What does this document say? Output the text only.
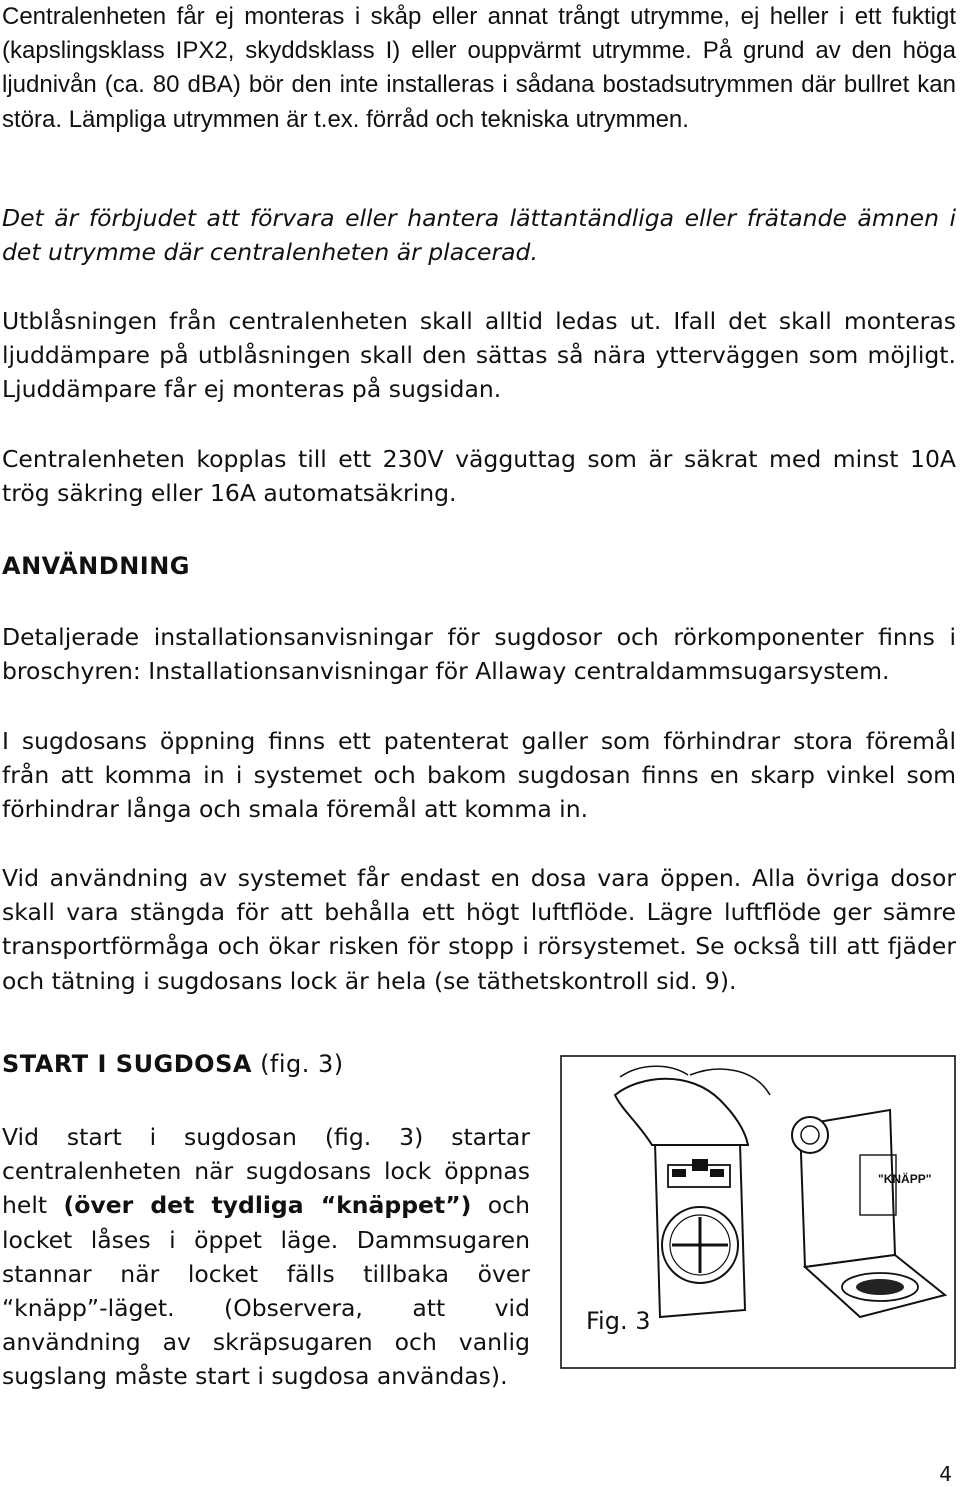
Centralenheten får ej monteras i skåp eller annat trångt utrymme, ej heller i ett fuktigt (kapslingsklass IPX2, skyddsklass I) eller ouppvärmt utrymme. På grund av den höga ljudnivån (ca. 80 dBA) bör den inte installeras i sådana bostadsutrymmen där bullret kan störa. Lämpliga utrymmen är t.ex. förråd och tekniska utrymmen.

Det är förbjudet att förvara eller hantera lättantändliga eller frätande ämnen i det utrymme där centralenheten är placerad.

Utblåsningen från centralenheten skall alltid ledas ut. Ifall det skall monteras ljuddämpare på utblåsningen skall den sättas så nära ytterväggen som möjligt. Ljuddämpare får ej monteras på sugsidan.

Centralenheten kopplas till ett 230V vägguttag som är säkrat med minst 10A trög säkring eller 16A automatsäkring.

ANVÄNDNING

Detaljerade installationsanvisningar för sugdosor och rörkomponenter finns i broschyren: Installationsanvisningar för Allaway centraldammsugarsystem.

I sugdosans öppning finns ett patenterat galler som förhindrar stora föremål från att komma in i systemet och bakom sugdosan finns en skarp vinkel som förhindrar långa och smala föremål att komma in.

Vid användning av systemet får endast en dosa vara öppen. Alla övriga dosor skall vara stängda för att behålla ett högt luftflöde. Lägre luftflöde ger sämre transportförmåga och ökar risken för stopp i rörsystemet. Se också till att fjäder och tätning i sugdosans lock är hela (se täthetskontroll sid. 9).

START I SUGDOSA (fig. 3)

Vid start i sugdosan (fig. 3) startar centralenheten när sugdosans lock öppnas helt (över det tydliga “knäppet”) och locket låses i öppet läge. Dammsugaren stannar när locket fälls tillbaka över “knäpp”-läget. (Observera, att vid användning av skräpsugaren och vanlig sugslang måste start i sugdosa användas).

"KNÄPP"
Fig. 3
4
